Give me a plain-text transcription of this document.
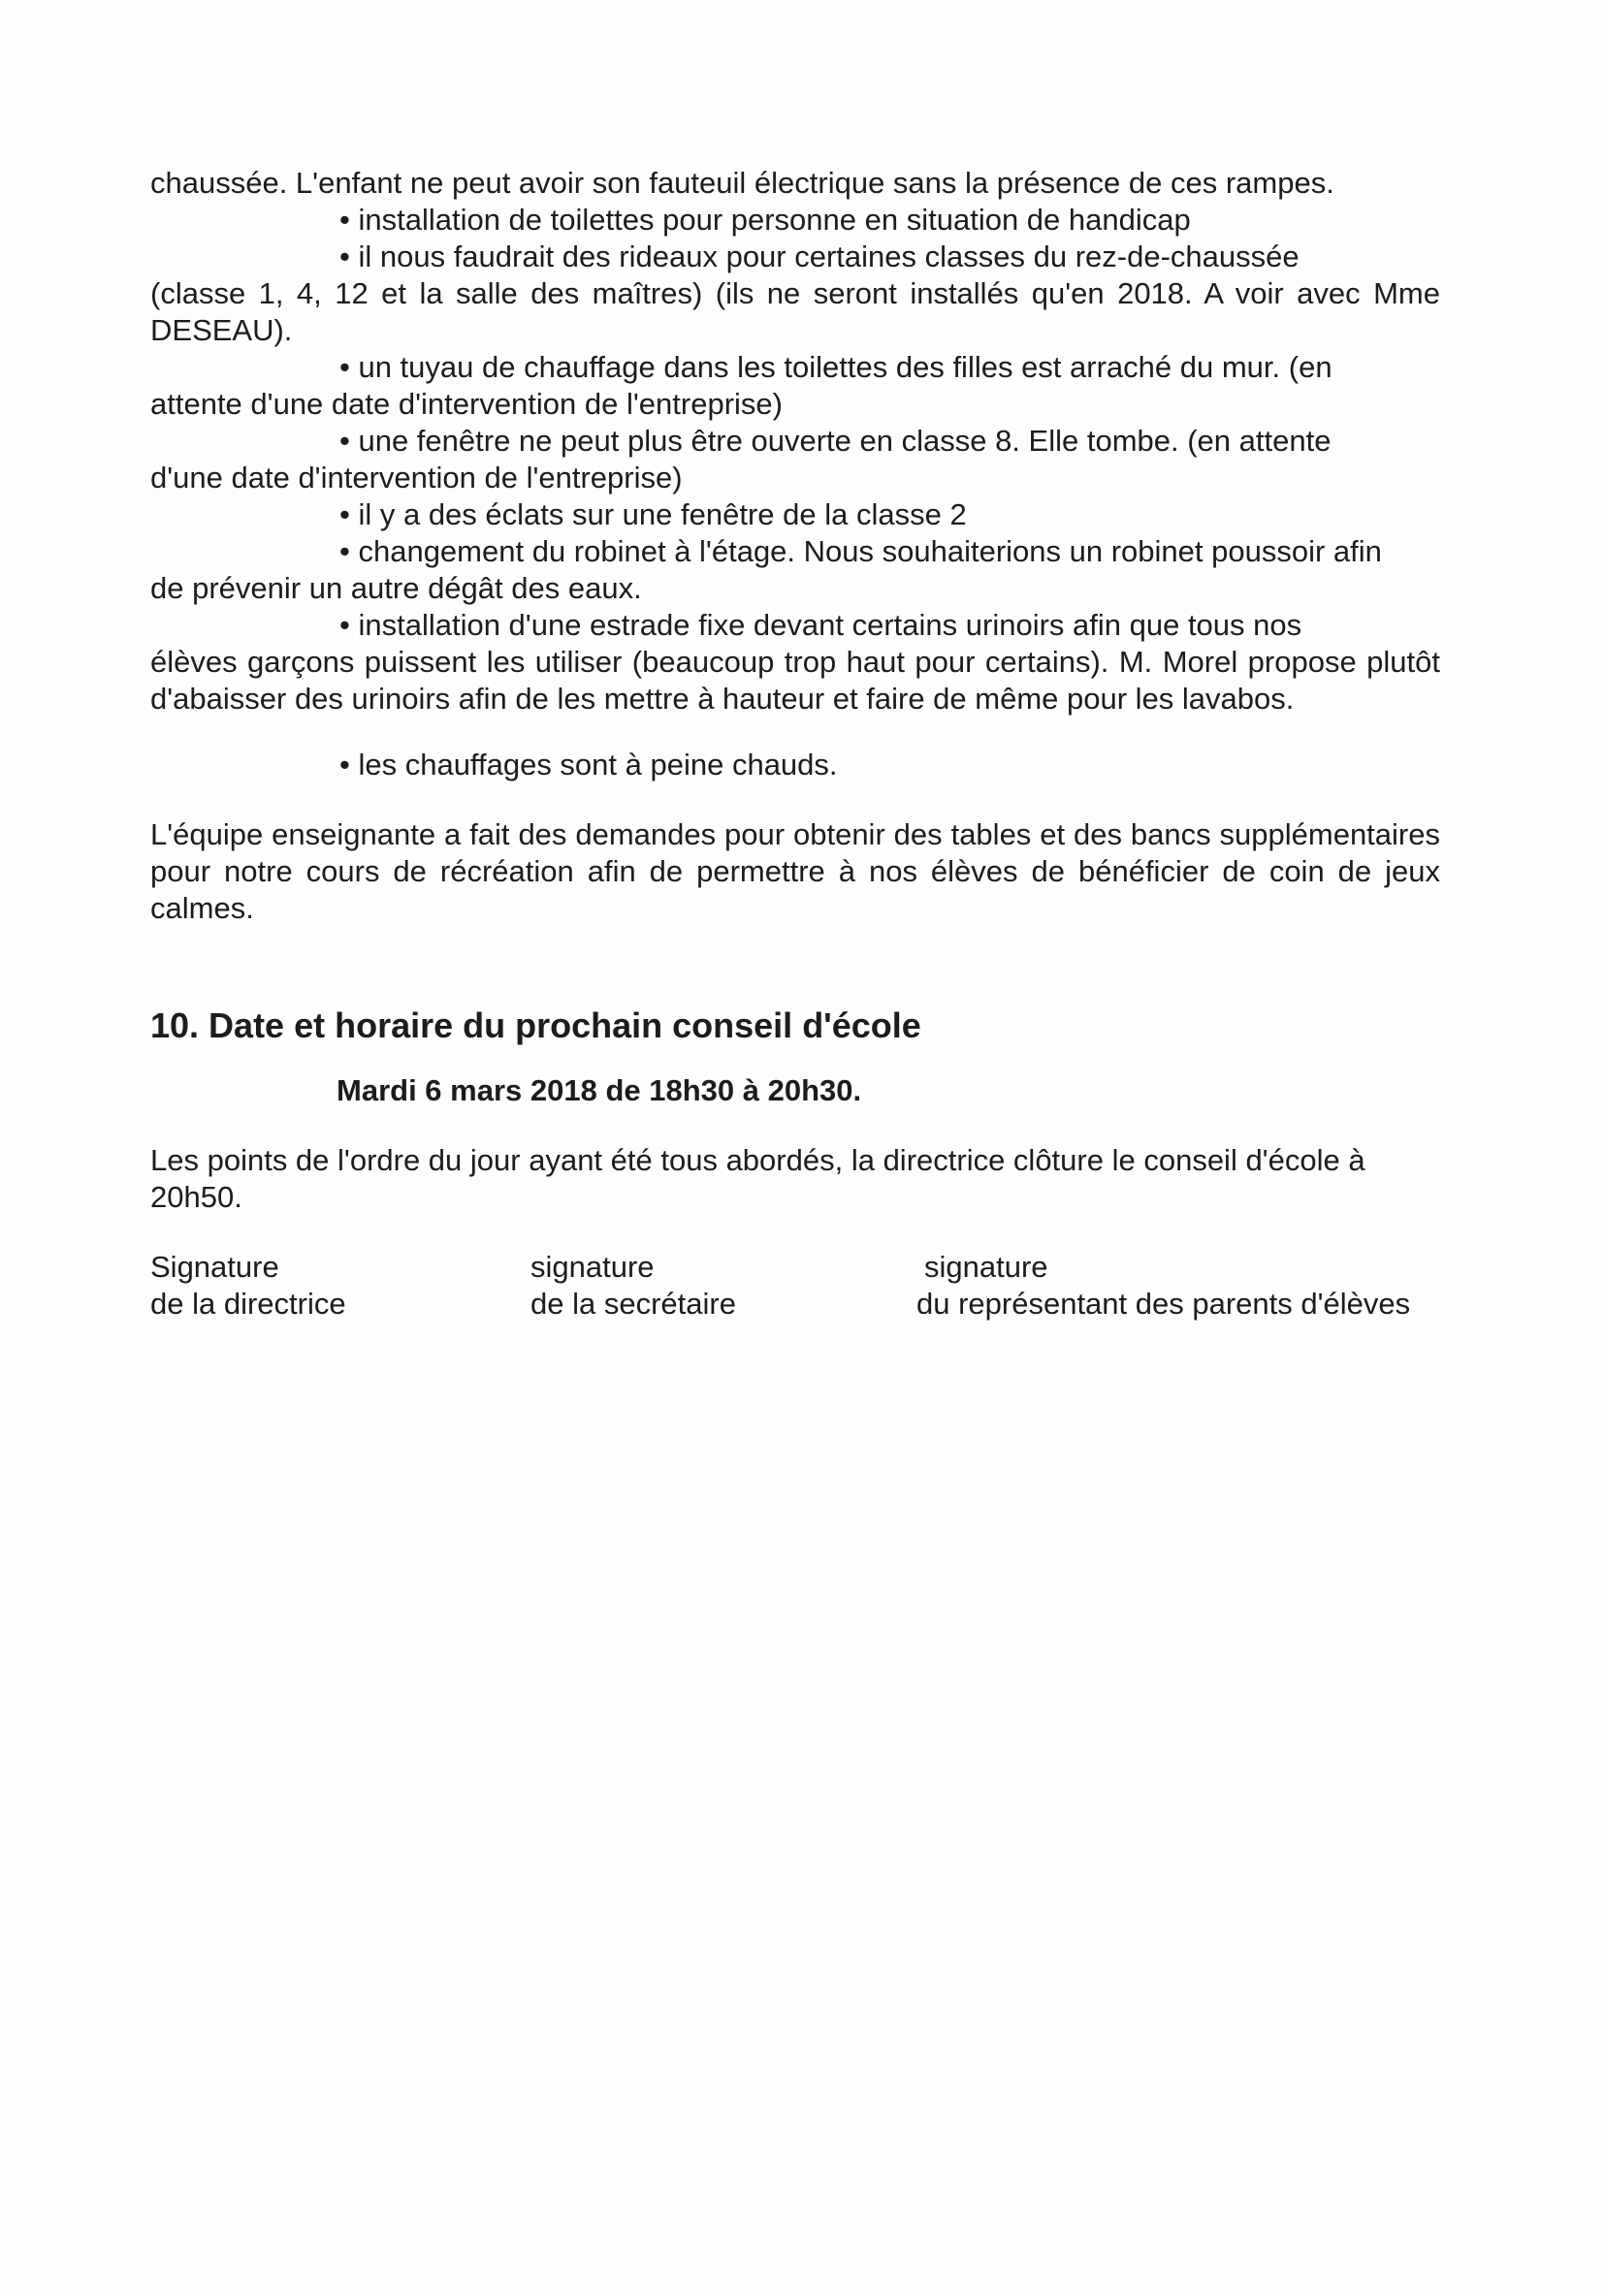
chaussée. L'enfant ne peut avoir son fauteuil électrique sans la présence de ces rampes.

• installation de toilettes pour personne en situation de handicap
• il nous faudrait des rideaux pour certaines classes du rez-de-chaussée
(classe 1, 4, 12 et la salle des maîtres) (ils ne seront installés qu'en 2018. A voir avec Mme DESEAU).
• un tuyau de chauffage dans les toilettes des filles est arraché du mur. (en
attente d'une date d'intervention de l'entreprise)
• une fenêtre ne peut plus être ouverte en classe 8. Elle tombe. (en attente
d'une date d'intervention de l'entreprise)
• il y a des éclats sur une fenêtre de la classe 2
• changement du robinet à l'étage. Nous souhaiterions un robinet poussoir afin
de prévenir un autre dégât des eaux.
• installation d'une estrade fixe devant certains urinoirs afin que tous nos
élèves garçons puissent les utiliser (beaucoup trop haut pour certains). M. Morel propose plutôt d'abaisser des urinoirs afin de les mettre à hauteur et faire de même pour les lavabos.
• les chauffages sont à peine chauds.

L'équipe enseignante a fait des demandes pour obtenir des tables et des bancs supplémentaires pour notre cours de récréation afin de permettre à nos élèves de bénéficier de coin de jeux calmes.

10. Date et horaire du prochain conseil d'école

Mardi 6 mars 2018 de 18h30 à 20h30.

Les points de l'ordre du jour ayant été tous abordés, la directrice clôture le conseil d'école à 20h50.

Signature
de la directrice
signature
de la secrétaire
signature
du représentant des parents d'élèves
